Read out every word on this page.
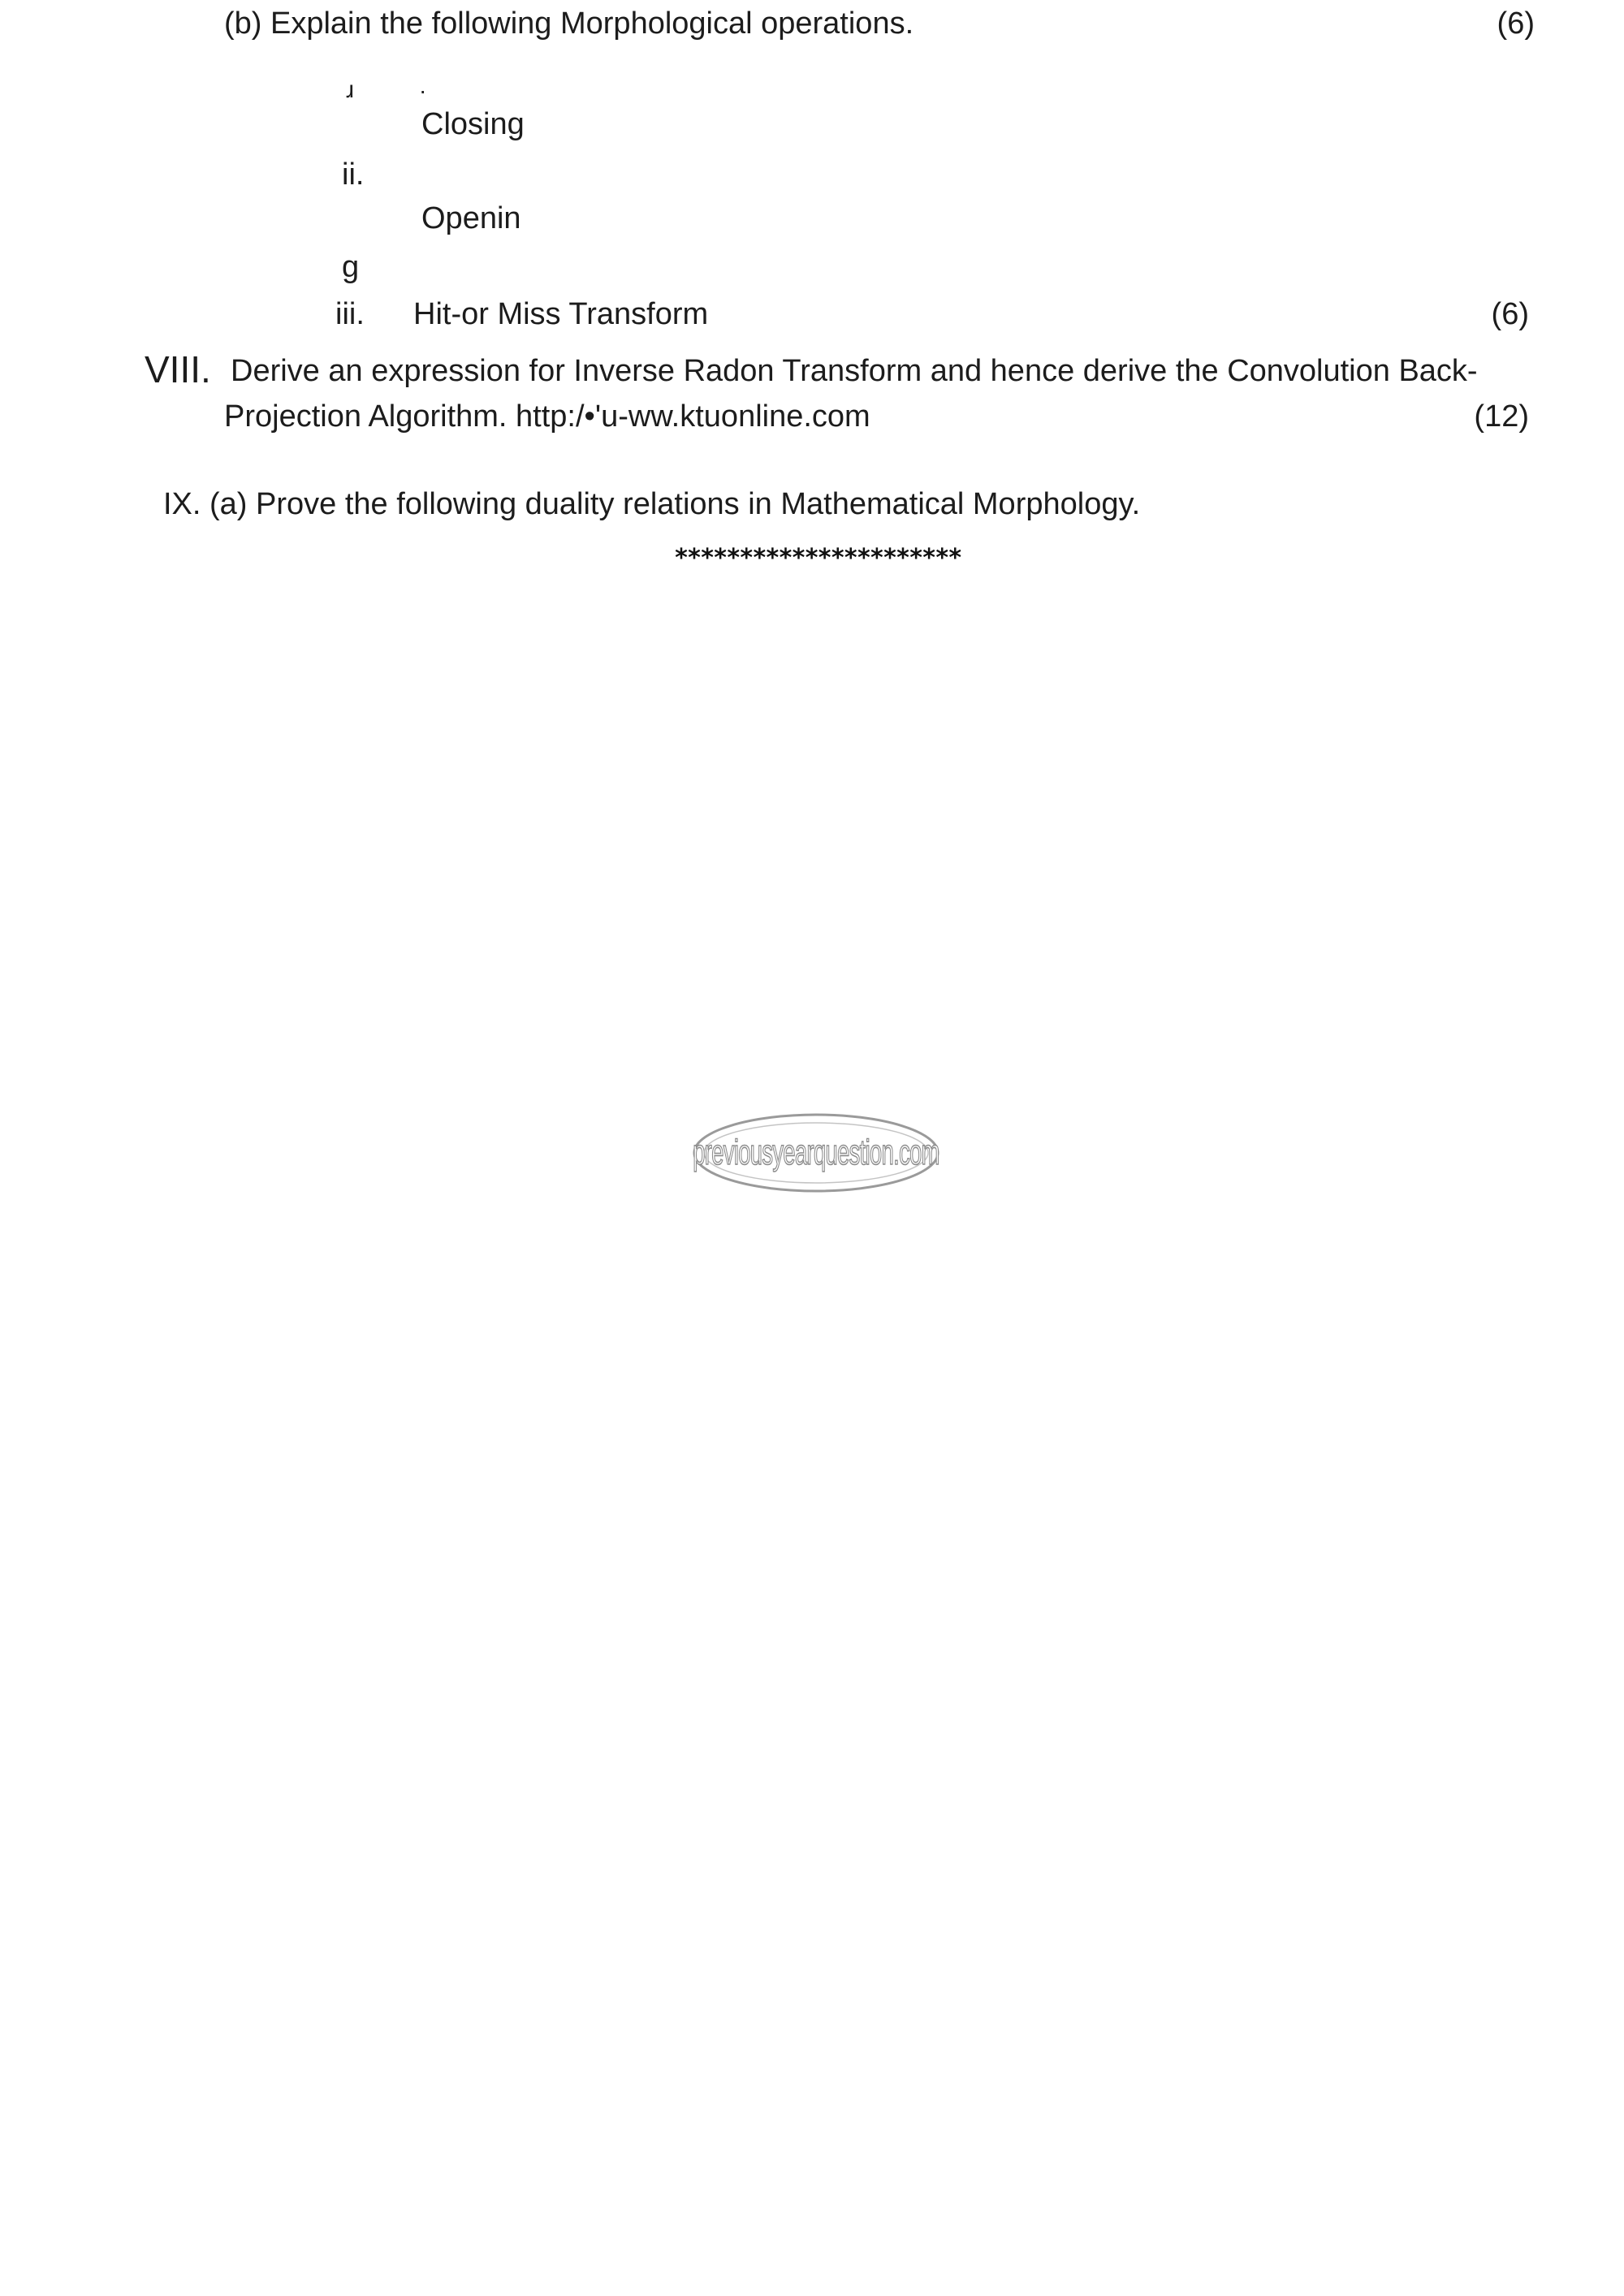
(b) Explain the following Morphological operations.	(6)
ɹ	·
Closing
ii.
Openin
g
iii. Hit-or Miss Transform	(6)
VIII. Derive an expression for Inverse Radon Transform and hence derive the Convolution Back-
Projection Algorithm. http:/•'u-ww.ktuonline.com	(12)
IX. (a) Prove the following duality relations in Mathematical Morphology.
**********************
previousyearquestion.com
